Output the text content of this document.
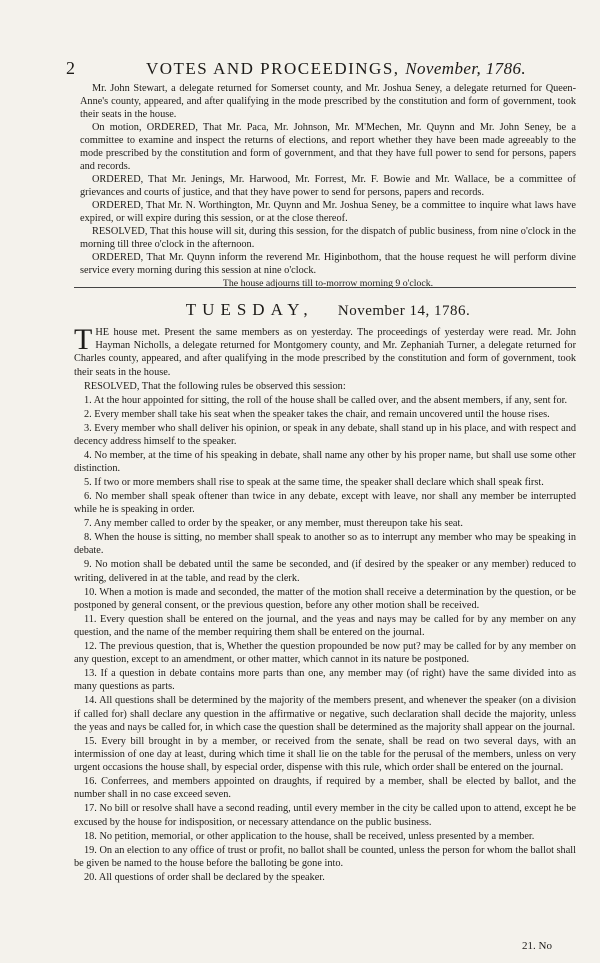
2	VOTES AND PROCEEDINGS, November, 1786.

Mr. John Stewart, a delegate returned for Somerset county, and Mr. Joshua Seney, a delegate returned for Queen-Anne's county, appeared, and after qualifying in the mode prescribed by the constitution and form of government, took their seats in the house.

On motion, ORDERED, That Mr. Paca, Mr. Johnson, Mr. M'Mechen, Mr. Quynn and Mr. John Seney, be a committee to examine and inspect the returns of elections, and report whether they have been made agreeably to the mode prescribed by the constitution and form of government, and that they have full power to send for persons, papers and records.

ORDERED, That Mr. Jenings, Mr. Harwood, Mr. Forrest, Mr. F. Bowie and Mr. Wallace, be a committee of grievances and courts of justice, and that they have power to send for persons, papers and records.

ORDERED, That Mr. N. Worthington, Mr. Quynn and Mr. Joshua Seney, be a committee to inquire what laws have expired, or will expire during this session, or at the close thereof.

RESOLVED, That this house will sit, during this session, for the dispatch of public business, from nine o'clock in the morning till three o'clock in the afternoon.

ORDERED, That Mr. Quynn inform the reverend Mr. Higinbothom, that the house request he will perform divine service every morning during this session at nine o'clock.

The house adjourns till to-morrow morning 9 o'clock.

TUESDAY, November 14, 1786.

THE house met. Present the same members as on yesterday. The proceedings of yesterday were read. Mr. John Hayman Nicholls, a delegate returned for Montgomery county, and Mr. Zephaniah Turner, a delegate returned for Charles county, appeared, and after qualifying in the mode prescribed by the constitution and form of government, took their seats in the house.

RESOLVED, That the following rules be observed this session:

1. At the hour appointed for sitting, the roll of the house shall be called over, and the absent members, if any, sent for.

2. Every member shall take his seat when the speaker takes the chair, and remain uncovered until the house rises.

3. Every member who shall deliver his opinion, or speak in any debate, shall stand up in his place, and with respect and decency address himself to the speaker.

4. No member, at the time of his speaking in debate, shall name any other by his proper name, but shall use some other distinction.

5. If two or more members shall rise to speak at the same time, the speaker shall declare which shall speak first.

6. No member shall speak oftener than twice in any debate, except with leave, nor shall any member be interrupted while he is speaking in order.

7. Any member called to order by the speaker, or any member, must thereupon take his seat.

8. When the house is sitting, no member shall speak to another so as to interrupt any member who may be speaking in debate.

9. No motion shall be debated until the same be seconded, and (if desired by the speaker or any member) reduced to writing, delivered in at the table, and read by the clerk.

10. When a motion is made and seconded, the matter of the motion shall receive a determination by the question, or be postponed by general consent, or the previous question, before any other motion shall be received.

11. Every question shall be entered on the journal, and the yeas and nays may be called for by any member on any question, and the name of the member requiring them shall be entered on the journal.

12. The previous question, that is, Whether the question propounded be now put? may be called for by any member on any question, except to an amendment, or other matter, which cannot in its nature be postponed.

13. If a question in debate contains more parts than one, any member may (of right) have the same divided into as many questions as parts.

14. All questions shall be determined by the majority of the members present, and whenever the speaker (on a division if called for) shall declare any question in the affirmative or negative, such declaration shall decide the majority, unless the yeas and nays be called for, in which case the question shall be determined as the majority shall appear on the journal.

15. Every bill brought in by a member, or received from the senate, shall be read on two several days, with an intermission of one day at least, during which time it shall lie on the table for the perusal of the members, unless on very urgent occasions the house shall, by especial order, dispense with this rule, which order shall be entered on the journal.

16. Conferrees, and members appointed on draughts, if required by a member, shall be elected by ballot, and the number shall in no case exceed seven.

17. No bill or resolve shall have a second reading, until every member in the city be called upon to attend, except he be excused by the house for indisposition, or necessary attendance on the public business.

18. No petition, memorial, or other application to the house, shall be received, unless presented by a member.

19. On an election to any office of trust or profit, no ballot shall be counted, unless the person for whom the ballot shall be given be named to the house before the balloting be gone into.

20. All questions of order shall be declared by the speaker.

21. No
